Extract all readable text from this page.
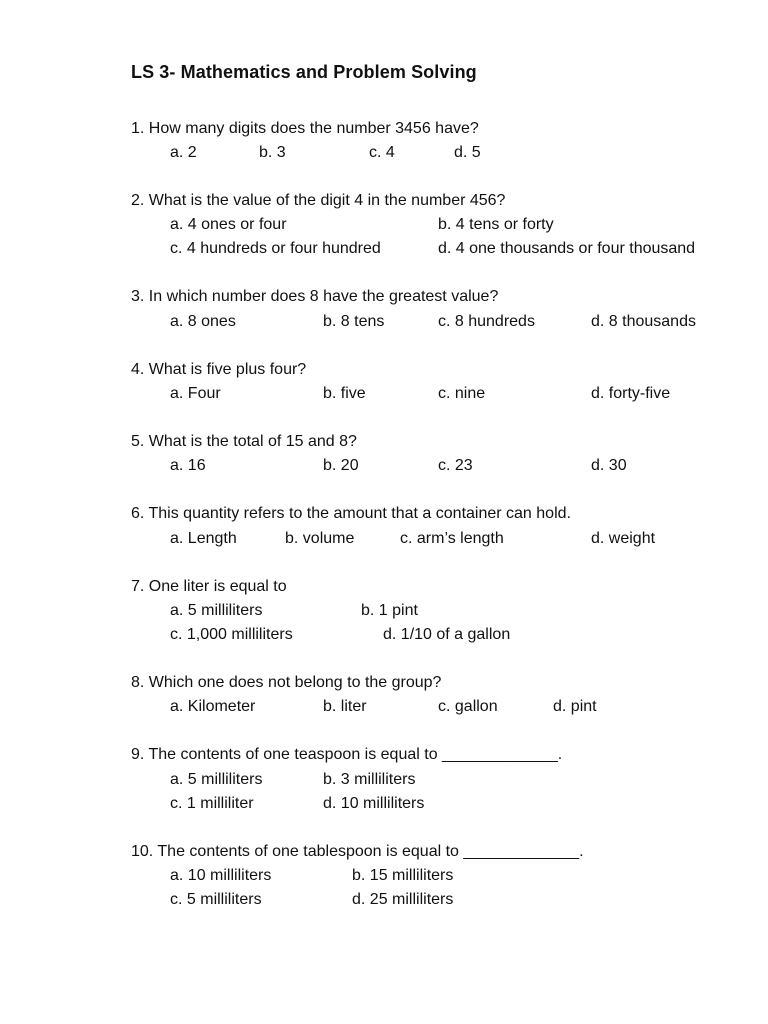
LS 3- Mathematics and Problem Solving
1. How many digits does the number 3456 have?
a. 2	b. 3	c. 4	d. 5
2. What is the value of the digit 4 in the number 456?
a. 4 ones or four	b. 4 tens or forty
c. 4 hundreds or four hundred	d. 4 one thousands or four thousand
3. In which number does 8 have the greatest value?
a. 8 ones	b. 8 tens	c. 8 hundreds	d. 8 thousands
4. What is five plus four?
a. Four	b. five	c. nine	d. forty-five
5. What is the total of 15 and 8?
a. 16	b. 20	c. 23	d. 30
6. This quantity refers to the amount that a container can hold.
a. Length	b. volume	c. arm’s length	d. weight
7. One liter is equal to
a. 5 milliliters	b. 1 pint
c. 1,000 milliliters	d. 1/10 of a gallon
8. Which one does not belong to the group?
a. Kilometer	b. liter	c. gallon	d. pint
9. The contents of one teaspoon is equal to _____________.
a. 5 milliliters	b. 3 milliliters
c. 1 milliliter	d. 10 milliliters
10. The contents of one tablespoon is equal to _____________.
a. 10 milliliters	b. 15 milliliters
c. 5 milliliters	d. 25 milliliters
